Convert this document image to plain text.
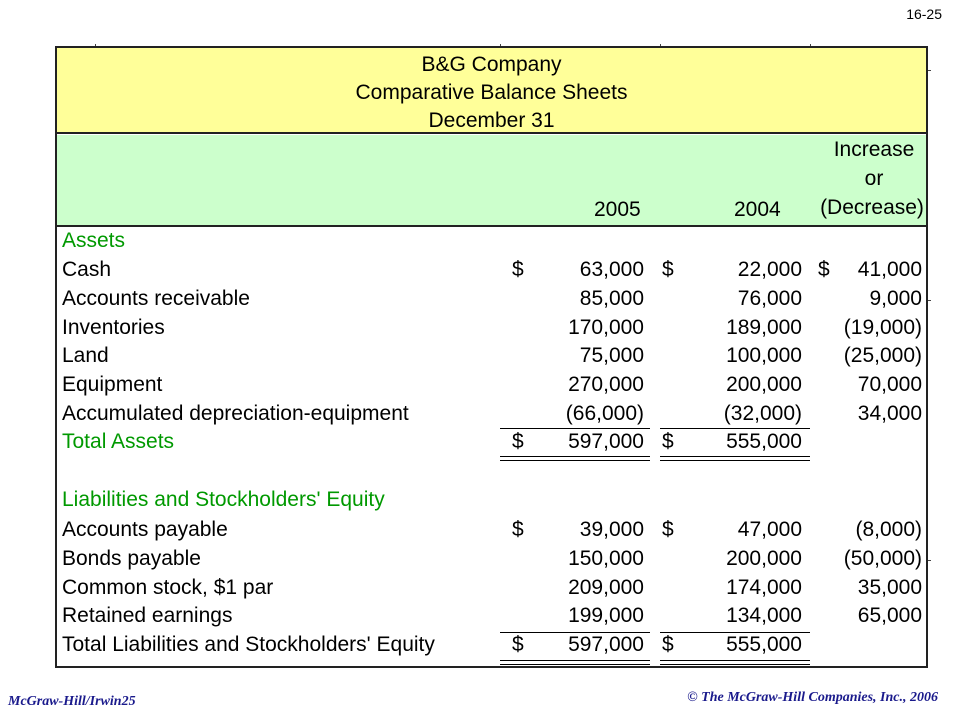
16-25
B&G Company
Comparative Balance Sheets
December 31
2005	2004
Increase
or
(Decrease)
Assets
Cash	$	63,000 $	22,000 $	41,000
Accounts receivable	85,000	76,000	9,000
Inventories	170,000	189,000	(19,000)
Land	75,000	100,000	(25,000)
Equipment	270,000	200,000	70,000
Accumulated depreciation-equipment	(66,000)	(32,000)	34,000
Total Assets	$	597,000 $	555,000
Accounts payable	$	39,000 $	47,000	(8,000)
Bonds payable	150,000	200,000	(50,000)
Common stock, $1 par	209,000	174,000	35,000
Retained earnings	199,000	134,000	65,000
Total Liabilities and Stockholders' Equity	$	597,000 $	555,000
Liabilities and Stockholders' Equity
McGraw-Hill/Irwin25	© The McGraw-Hill Companies, Inc., 2006
